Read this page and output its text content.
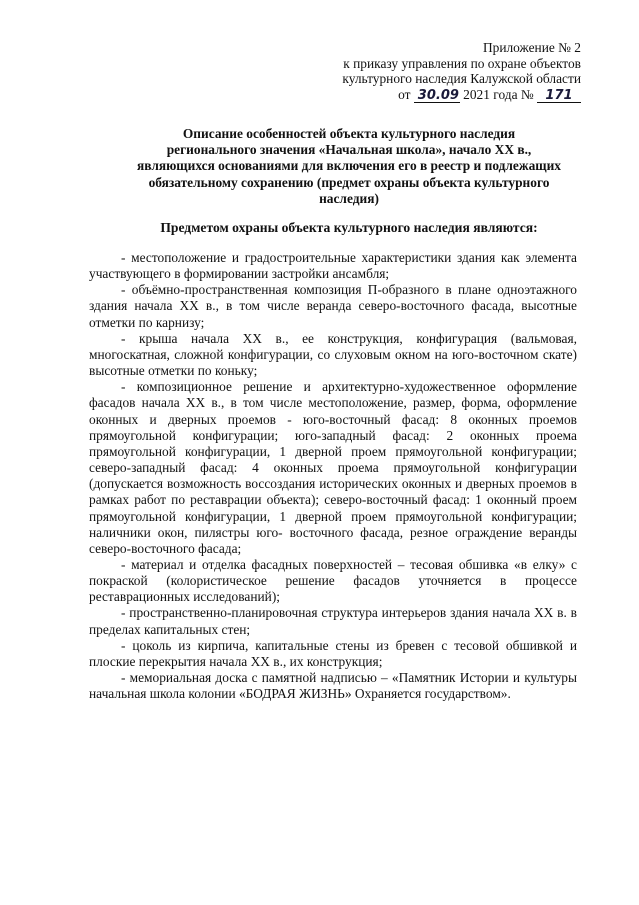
Приложение № 2
к приказу управления по охране объектов
культурного наследия Калужской области
от 30.09 2021 года № 171
Описание особенностей объекта культурного наследия
регионального значения «Начальная школа», начало XX в.,
являющихся основаниями для включения его в реестр и подлежащих
обязательному сохранению (предмет охраны объекта культурного
наследия)
Предметом охраны объекта культурного наследия являются:

- местоположение и градостроительные характеристики здания как элемента участвующего в формировании застройки ансамбля;

- объёмно-пространственная композиция П-образного в плане одноэтажного здания начала XX в., в том числе веранда северо-восточного фасада, высотные отметки по карнизу;

- крыша начала XX в., ее конструкция, конфигурация (вальмовая, многоскатная, сложной конфигурации, со слуховым окном на юго-восточном скате) высотные отметки по коньку;

- композиционное решение и архитектурно-художественное оформление фасадов начала XX в., в том числе местоположение, размер, форма, оформление оконных и дверных проемов - юго-восточный фасад: 8 оконных проемов прямоугольной конфигурации; юго-западный фасад: 2 оконных проема прямоугольной конфигурации, 1 дверной проем прямоугольной конфигурации; северо-западный фасад: 4 оконных проема прямоугольной конфигурации (допускается возможность воссоздания исторических оконных и дверных проемов в рамках работ по реставрации объекта); северо-восточный фасад: 1 оконный проем прямоугольной конфигурации, 1 дверной проем прямоугольной конфигурации; наличники окон, пилястры юго- восточного фасада, резное ограждение веранды северо-восточного фасада;

- материал и отделка фасадных поверхностей – тесовая обшивка «в елку» с покраской (колористическое решение фасадов уточняется в процессе реставрационных исследований);

- пространственно-планировочная структура интерьеров здания начала XX в. в пределах капитальных стен;

- цоколь из кирпича, капитальные стены из бревен с тесовой обшивкой и плоские перекрытия начала XX в., их конструкция;

- мемориальная доска с памятной надписью – «Памятник Истории и культуры начальная школа колонии «БОДРАЯ ЖИЗНЬ» Охраняется государством».
